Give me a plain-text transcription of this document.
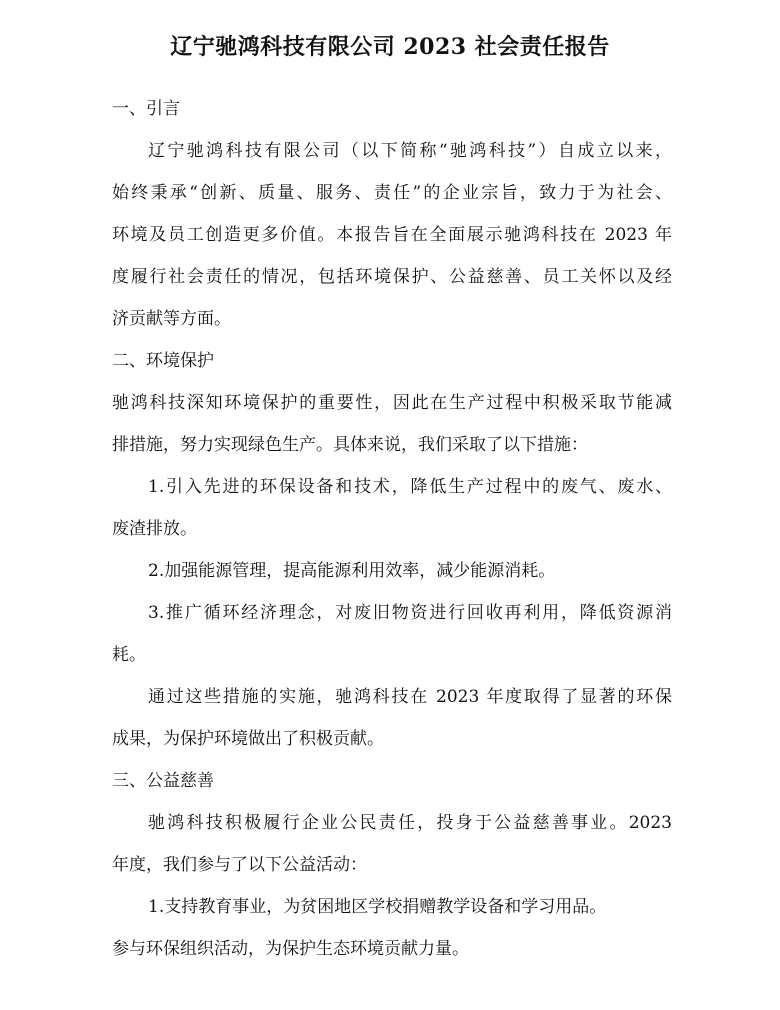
辽宁驰鸿科技有限公司 2023 社会责任报告
一、引言
辽宁驰鸿科技有限公司（以下简称“驰鸿科技”）自成立以来，
始终秉承“创新、质量、服务、责任”的企业宗旨，致力于为社会、
环境及员工创造更多价值。本报告旨在全面展示驰鸿科技在 2023 年
度履行社会责任的情况，包括环境保护、公益慈善、员工关怀以及经
济贡献等方面。
二、环境保护
驰鸿科技深知环境保护的重要性，因此在生产过程中积极采取节能减
排措施，努力实现绿色生产。具体来说，我们采取了以下措施：
1.引入先进的环保设备和技术，降低生产过程中的废气、废水、
废渣排放。
2.加强能源管理，提高能源利用效率，减少能源消耗。
3.推广循环经济理念，对废旧物资进行回收再利用，降低资源消
耗。
通过这些措施的实施，驰鸿科技在 2023 年度取得了显著的环保
成果，为保护环境做出了积极贡献。
三、公益慈善
驰鸿科技积极履行企业公民责任，投身于公益慈善事业。2023
年度，我们参与了以下公益活动：
1.支持教育事业，为贫困地区学校捐赠教学设备和学习用品。
参与环保组织活动，为保护生态环境贡献力量。
